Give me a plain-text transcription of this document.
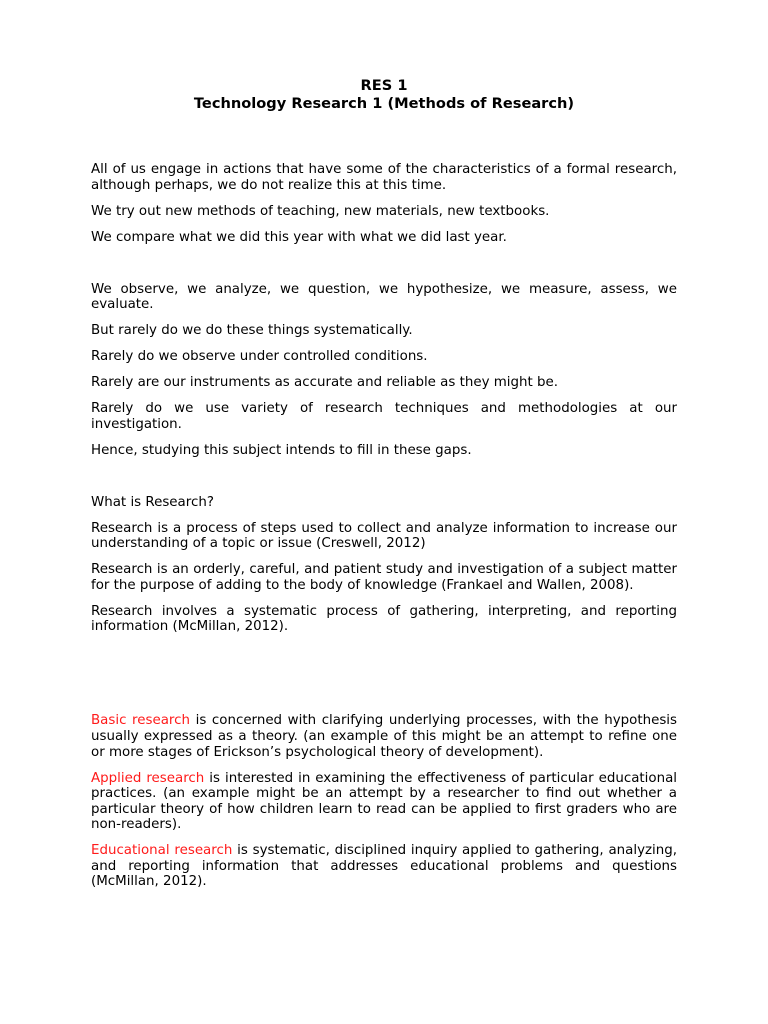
RES 1
Technology Research 1 (Methods of Research)

All of us engage in actions that have some of the characteristics of a formal research, although perhaps, we do not realize this at this time.

We try out new methods of teaching, new materials, new textbooks.

We compare what we did this year with what we did last year.

We observe, we analyze, we question, we hypothesize, we measure, assess, we evaluate.

But rarely do we do these things systematically.

Rarely do we observe under controlled conditions.

Rarely are our instruments as accurate and reliable as they might be.

Rarely do we use variety of research techniques and methodologies at our investigation.

Hence, studying this subject intends to fill in these gaps.

What is Research?

Research is a process of steps used to collect and analyze information to increase our understanding of a topic or issue (Creswell, 2012)

Research is an orderly, careful, and patient study and investigation of a subject matter for the purpose of adding to the body of knowledge (Frankael and Wallen, 2008).

Research involves a systematic process of gathering, interpreting, and reporting information (McMillan, 2012).

Basic research is concerned with clarifying underlying processes, with the hypothesis usually expressed as a theory. (an example of this might be an attempt to refine one or more stages of Erickson’s psychological theory of development).

Applied research is interested in examining the effectiveness of particular educational practices. (an example might be an attempt by a researcher to find out whether a particular theory of how children learn to read can be applied to first graders who are non-readers).

Educational research is systematic, disciplined inquiry applied to gathering, analyzing, and reporting information that addresses educational problems and questions (McMillan, 2012).
